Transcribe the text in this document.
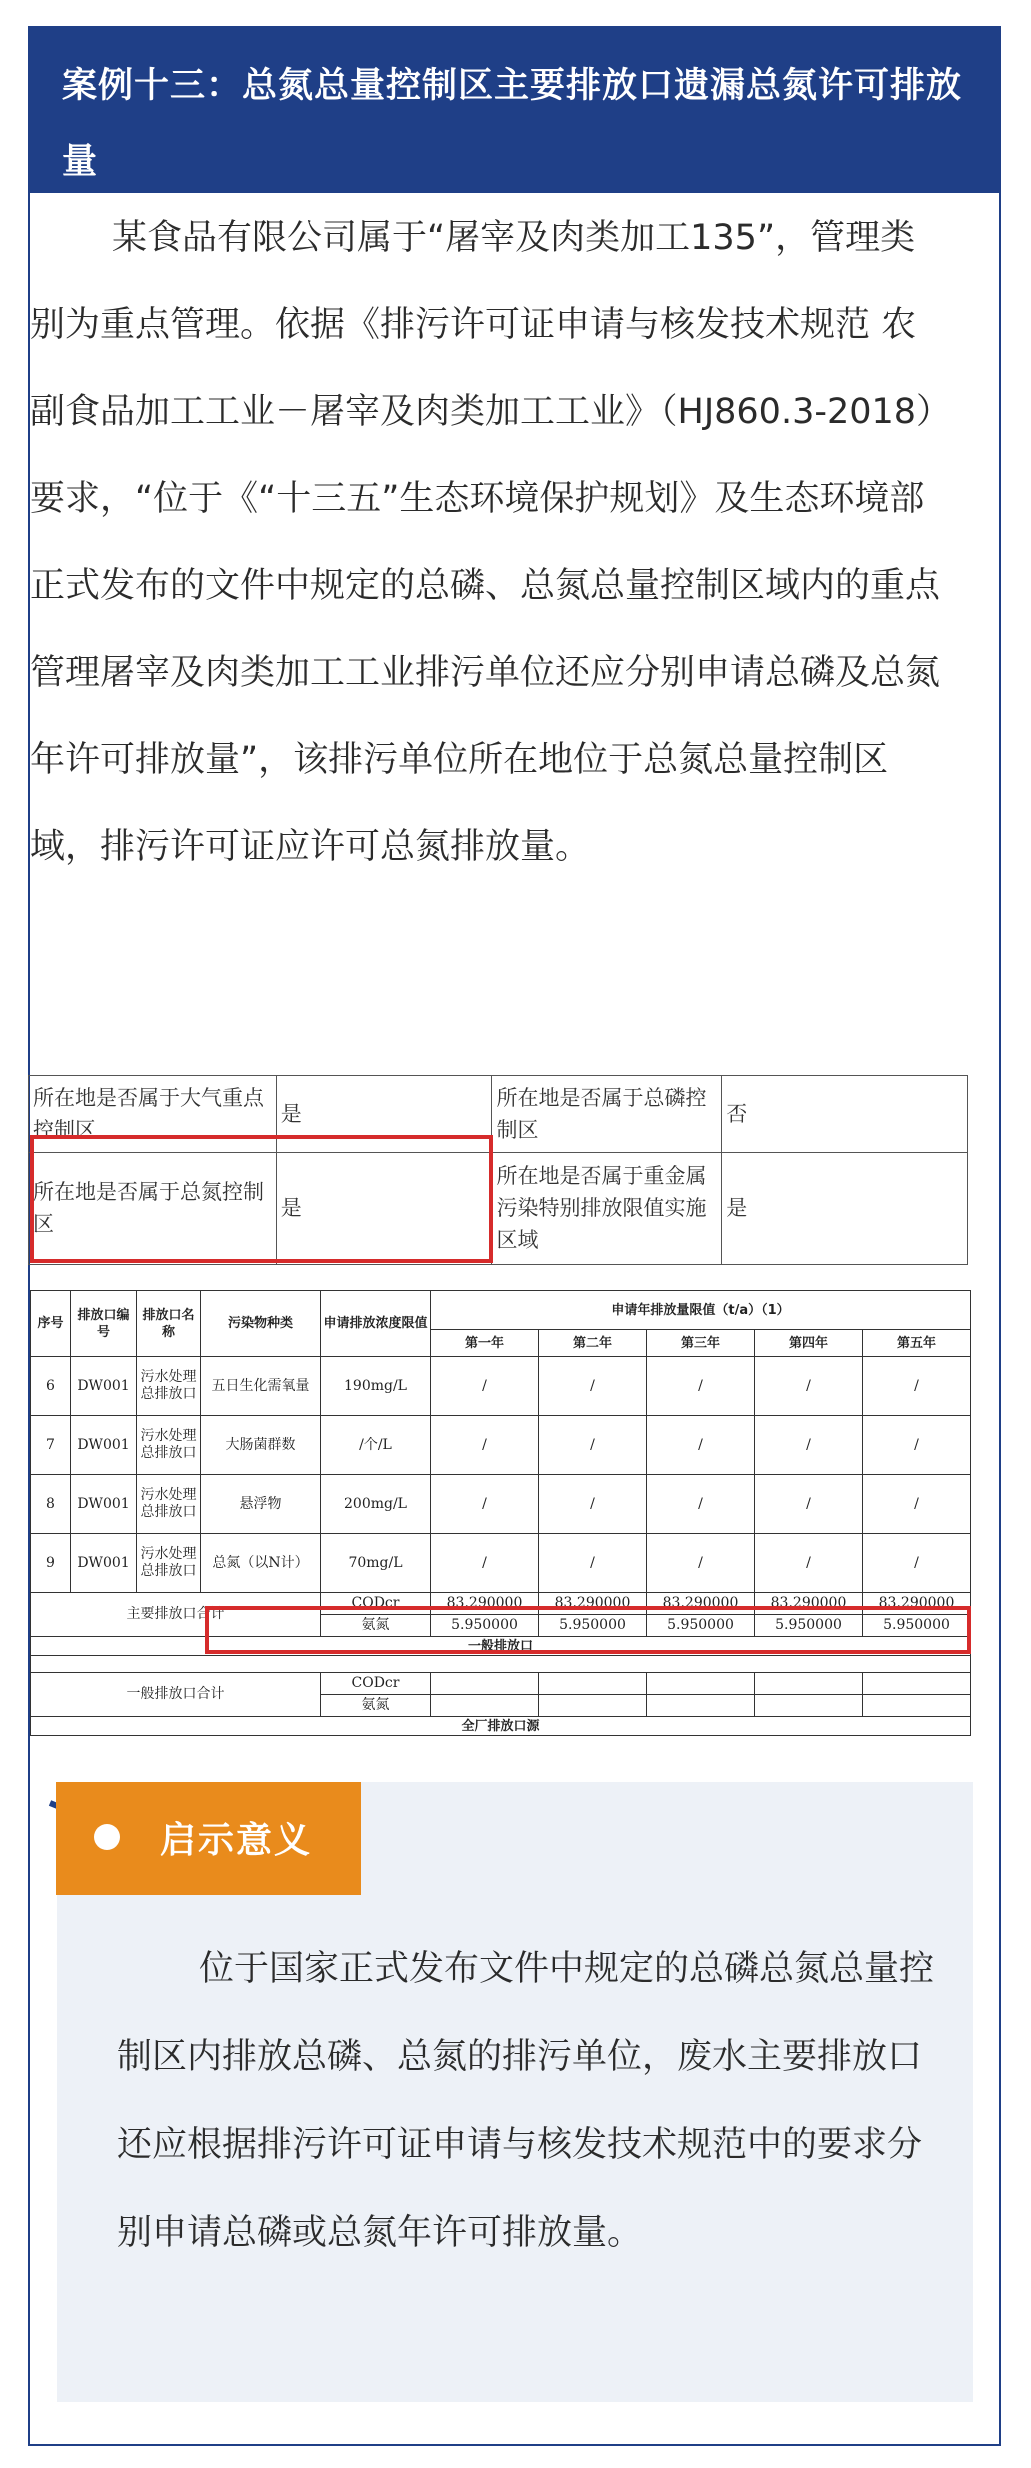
案例十三：总氮总量控制区主要排放口遗漏总氮许可排放量
某食品有限公司属于“屠宰及肉类加工135”，管理类别为重点管理。依据《排污许可证申请与核发技术规范 农副食品加工工业－屠宰及肉类加工工业》（HJ860.3-2018）要求，“位于《“十三五”生态环境保护规划》及生态环境部正式发布的文件中规定的总磷、总氮总量控制区域内的重点管理屠宰及肉类加工工业排污单位还应分别申请总磷及总氮年许可排放量”，该排污单位所在地位于总氮总量控制区域，排污许可证应许可总氮排放量。
所在地是否属于大气重点控制区	是	所在地是否属于总磷控制区	否
所在地是否属于总氮控制区	是	所在地是否属于重金属污染特别排放限值实施区域	是
序号	排放口编号	排放口名称	污染物种类	申请排放浓度限值	申请年排放量限值（t/a）（1）				
					第一年	第二年	第三年	第四年	第五年
6	DW001	污水处理总排放口	五日生化需氧量	190mg/L	/	/	/	/	/
7	DW001	污水处理总排放口	大肠菌群数	/个/L	/	/	/	/	/
8	DW001	污水处理总排放口	悬浮物	200mg/L	/	/	/	/	/
9	DW001	污水处理总排放口	总氮（以N计）	70mg/L	/	/	/	/	/
主要排放口合计				CODcr	83.290000	83.290000	83.290000	83.290000	83.290000
				氨氮	5.950000	5.950000	5.950000	5.950000	5.950000
一般排放口									

一般排放口合计				CODcr					
				氨氮					
全厂排放口源									
启示意义
位于国家正式发布文件中规定的总磷总氮总量控制区内排放总磷、总氮的排污单位，废水主要排放口还应根据排污许可证申请与核发技术规范中的要求分别申请总磷或总氮年许可排放量。
